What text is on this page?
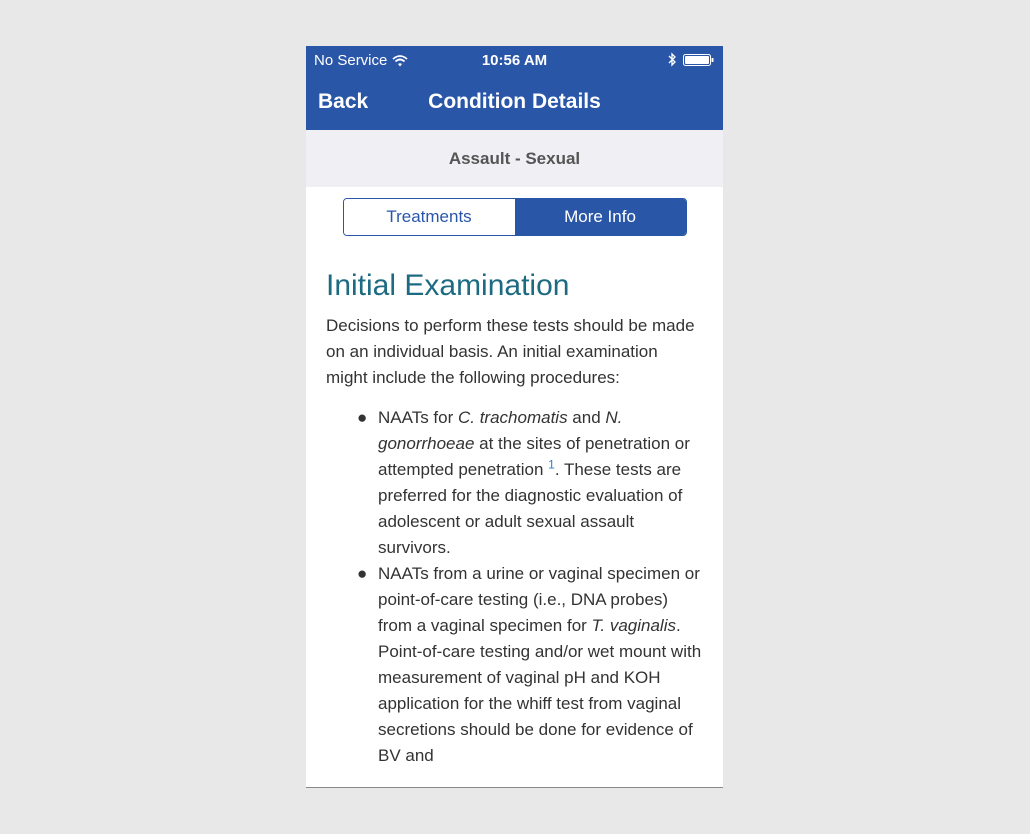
No Service	10:56 AM
Back	Condition Details
Assault - Sexual
Treatments	More Info
Initial Examination

Decisions to perform these tests should be made on an individual basis. An initial examination might include the following procedures:

● NAATs for C. trachomatis and N. gonorrhoeae at the sites of penetration or attempted penetration $^1$. These tests are preferred for the diagnostic evaluation of adolescent or adult sexual assault survivors.
● NAATs from a urine or vaginal specimen or point-of-care testing (i.e., DNA probes) from a vaginal specimen for T. vaginalis. Point-of-care testing and/or wet mount with measurement of vaginal pH and KOH application for the whiff test from vaginal secretions should be done for evidence of BV and
